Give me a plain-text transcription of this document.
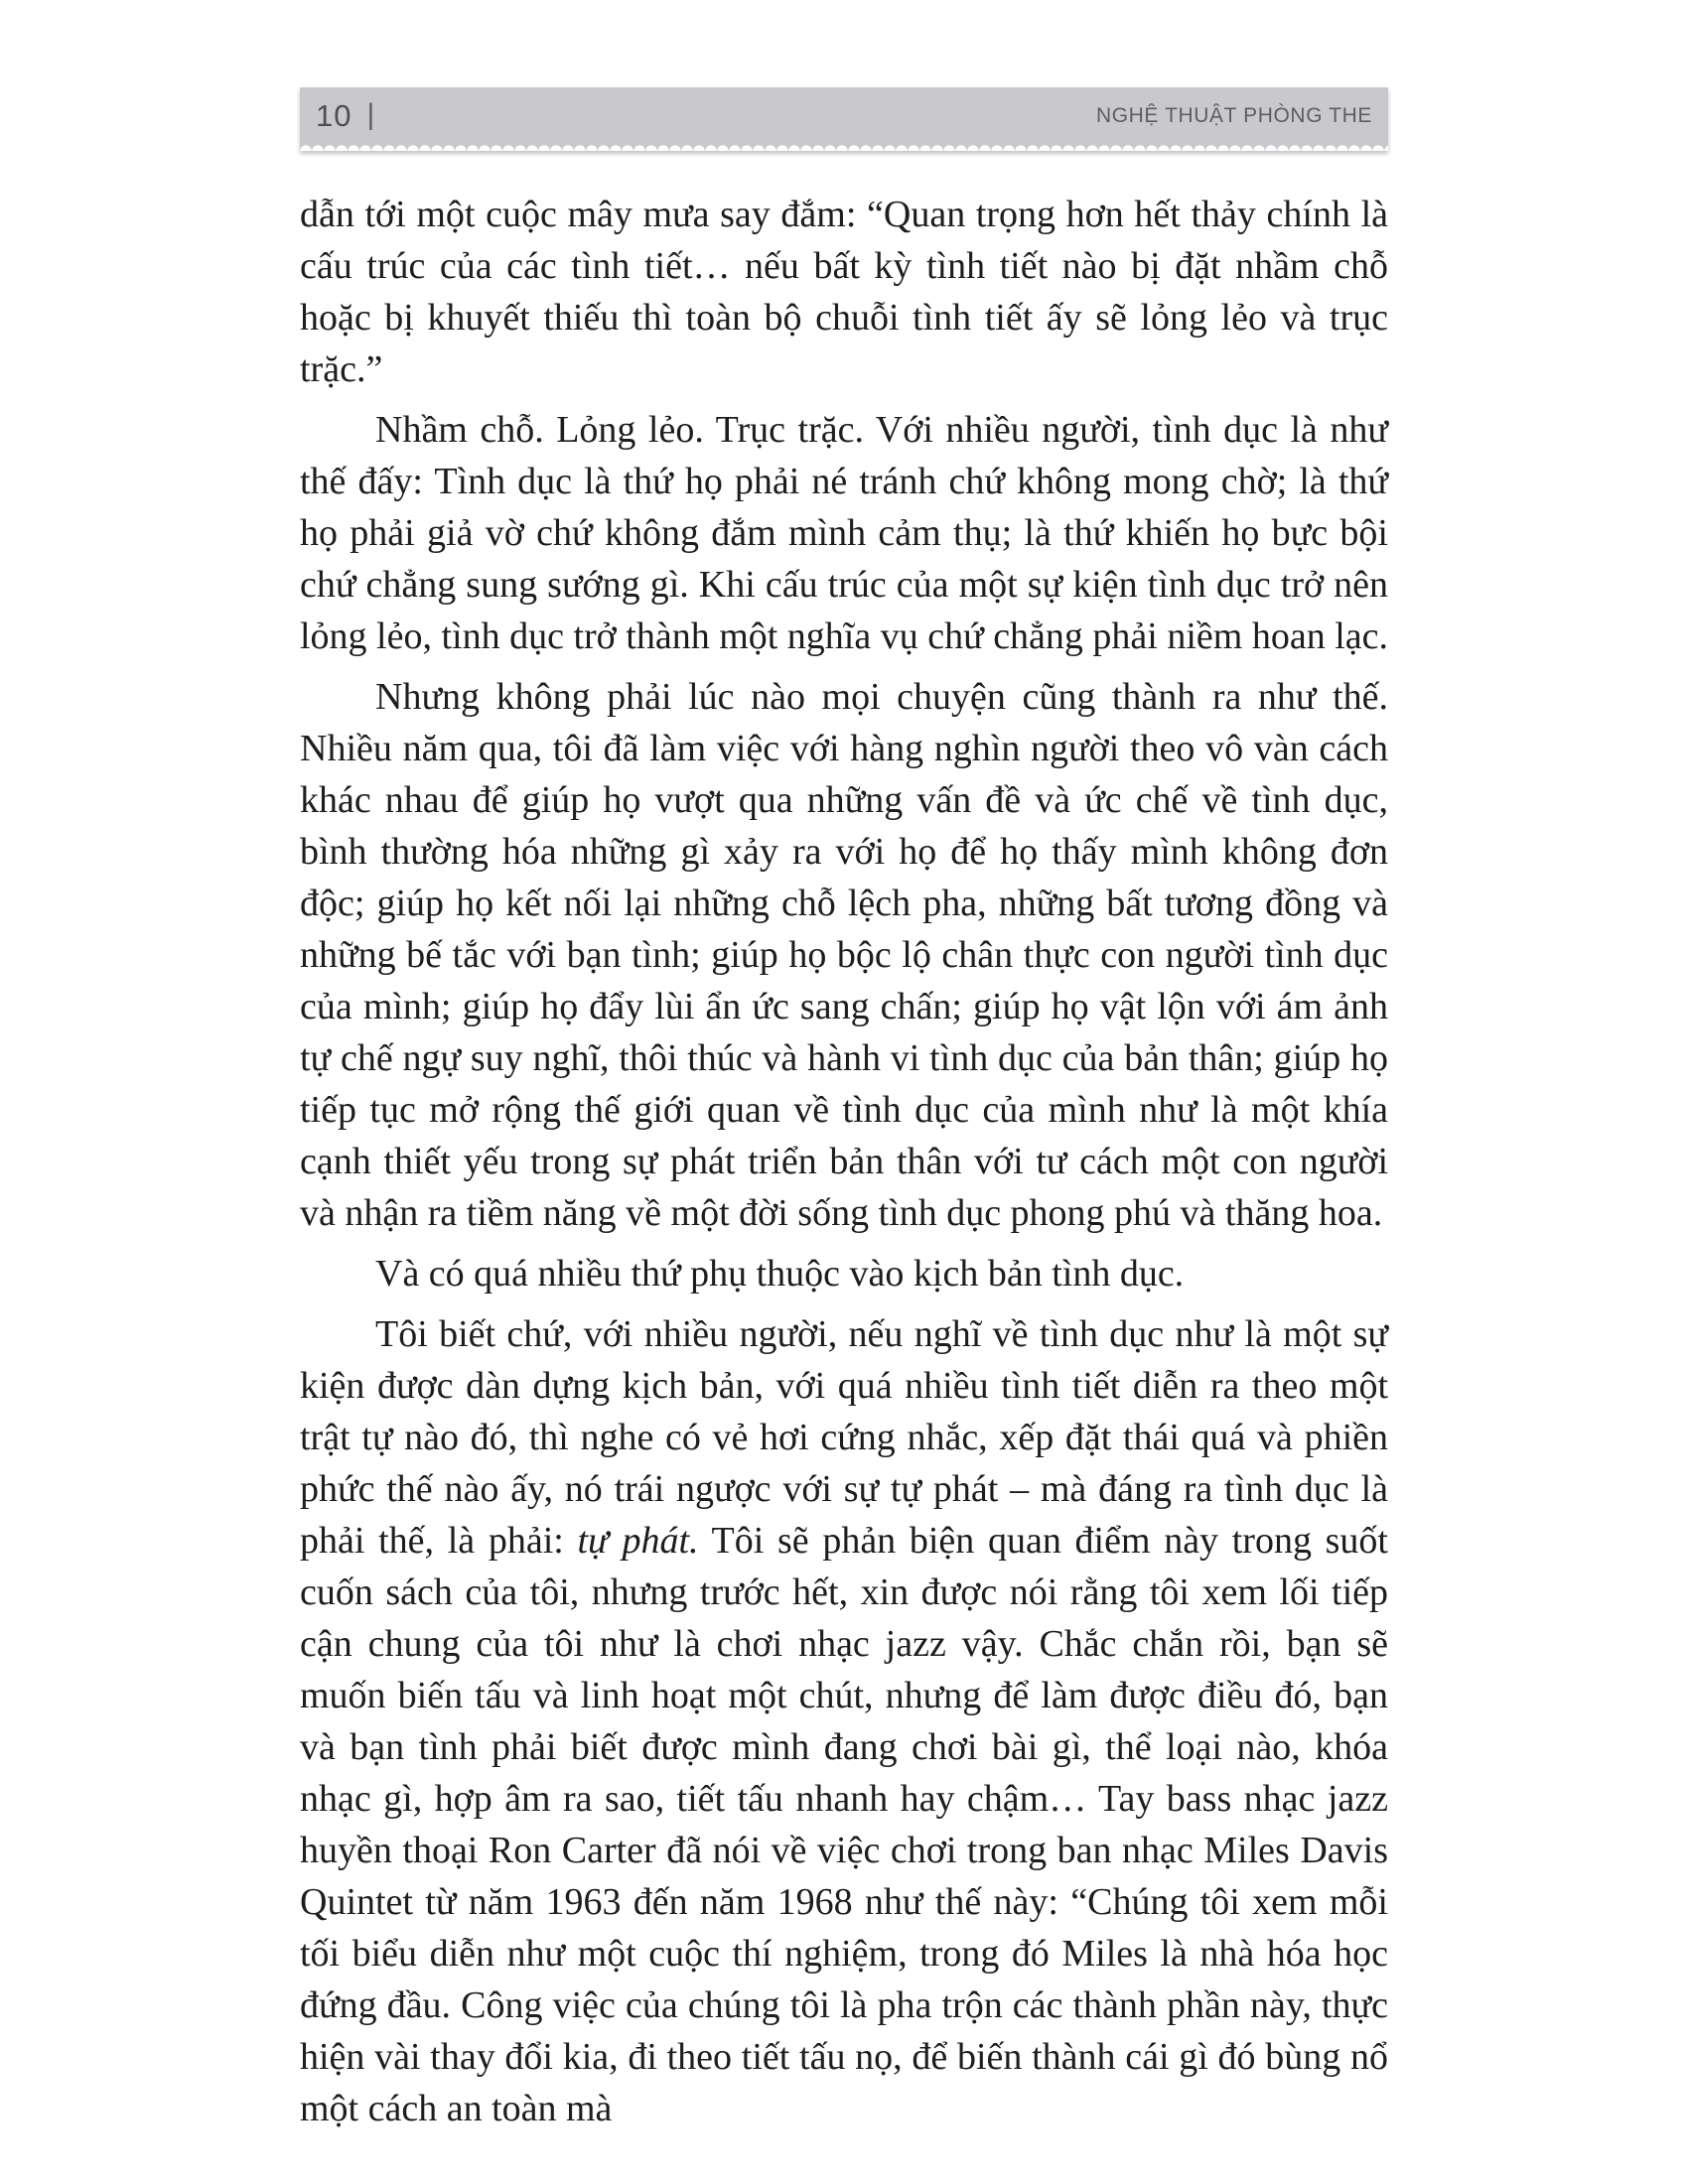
10 |	NGHỆ THUẬT PHÒNG THE

dẫn tới một cuộc mây mưa say đắm: “Quan trọng hơn hết thảy chính là cấu trúc của các tình tiết… nếu bất kỳ tình tiết nào bị đặt nhầm chỗ hoặc bị khuyết thiếu thì toàn bộ chuỗi tình tiết ấy sẽ lỏng lẻo và trục trặc.”

Nhầm chỗ. Lỏng lẻo. Trục trặc. Với nhiều người, tình dục là như thế đấy: Tình dục là thứ họ phải né tránh chứ không mong chờ; là thứ họ phải giả vờ chứ không đắm mình cảm thụ; là thứ khiến họ bực bội chứ chẳng sung sướng gì. Khi cấu trúc của một sự kiện tình dục trở nên lỏng lẻo, tình dục trở thành một nghĩa vụ chứ chẳng phải niềm hoan lạc.

Nhưng không phải lúc nào mọi chuyện cũng thành ra như thế. Nhiều năm qua, tôi đã làm việc với hàng nghìn người theo vô vàn cách khác nhau để giúp họ vượt qua những vấn đề và ức chế về tình dục, bình thường hóa những gì xảy ra với họ để họ thấy mình không đơn độc; giúp họ kết nối lại những chỗ lệch pha, những bất tương đồng và những bế tắc với bạn tình; giúp họ bộc lộ chân thực con người tình dục của mình; giúp họ đẩy lùi ẩn ức sang chấn; giúp họ vật lộn với ám ảnh tự chế ngự suy nghĩ, thôi thúc và hành vi tình dục của bản thân; giúp họ tiếp tục mở rộng thế giới quan về tình dục của mình như là một khía cạnh thiết yếu trong sự phát triển bản thân với tư cách một con người và nhận ra tiềm năng về một đời sống tình dục phong phú và thăng hoa.

Và có quá nhiều thứ phụ thuộc vào kịch bản tình dục.

Tôi biết chứ, với nhiều người, nếu nghĩ về tình dục như là một sự kiện được dàn dựng kịch bản, với quá nhiều tình tiết diễn ra theo một trật tự nào đó, thì nghe có vẻ hơi cứng nhắc, xếp đặt thái quá và phiền phức thế nào ấy, nó trái ngược với sự tự phát – mà đáng ra tình dục là phải thế, là phải: tự phát. Tôi sẽ phản biện quan điểm này trong suốt cuốn sách của tôi, nhưng trước hết, xin được nói rằng tôi xem lối tiếp cận chung của tôi như là chơi nhạc jazz vậy. Chắc chắn rồi, bạn sẽ muốn biến tấu và linh hoạt một chút, nhưng để làm được điều đó, bạn và bạn tình phải biết được mình đang chơi bài gì, thể loại nào, khóa nhạc gì, hợp âm ra sao, tiết tấu nhanh hay chậm… Tay bass nhạc jazz huyền thoại Ron Carter đã nói về việc chơi trong ban nhạc Miles Davis Quintet từ năm 1963 đến năm 1968 như thế này: “Chúng tôi xem mỗi tối biểu diễn như một cuộc thí nghiệm, trong đó Miles là nhà hóa học đứng đầu. Công việc của chúng tôi là pha trộn các thành phần này, thực hiện vài thay đổi kia, đi theo tiết tấu nọ, để biến thành cái gì đó bùng nổ một cách an toàn mà
